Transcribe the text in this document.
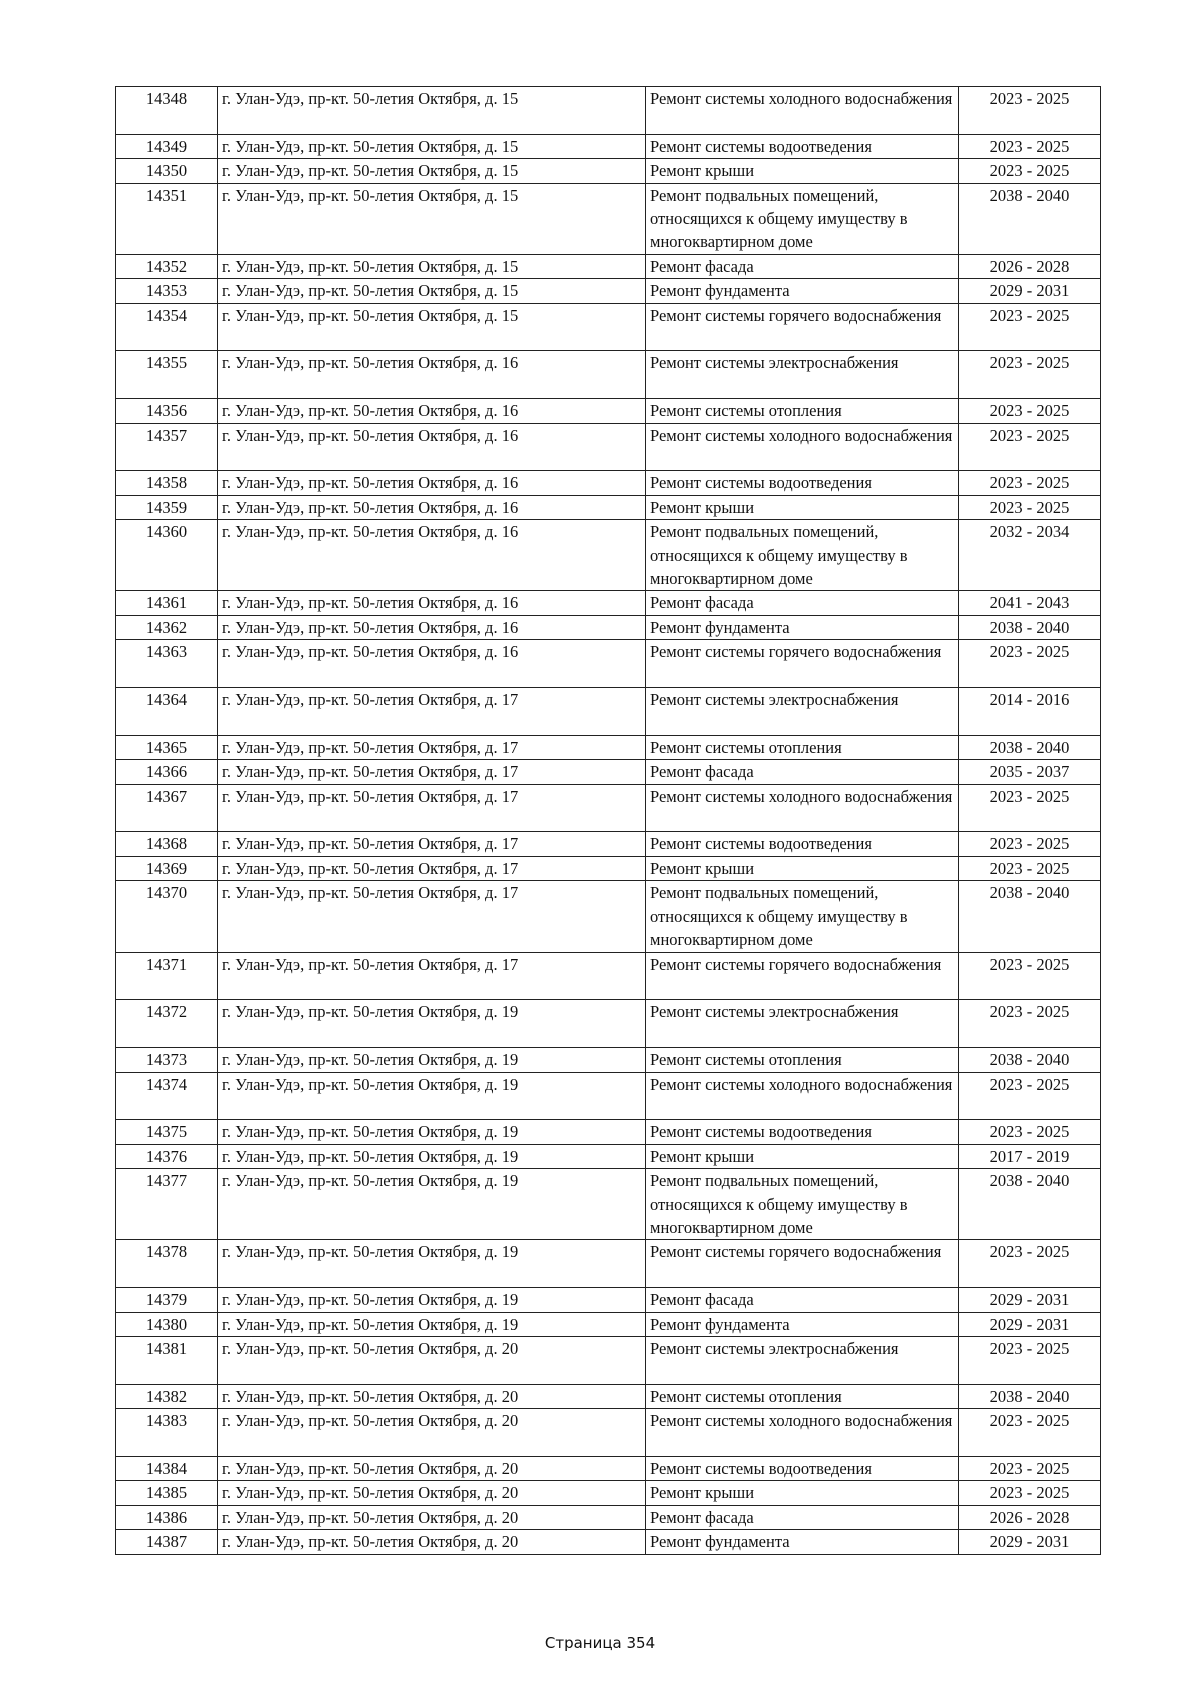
14348	г. Улан-Удэ, пр-кт. 50-летия Октября, д. 15	Ремонт системы холодного водоснабжения	2023 - 2025
14349	г. Улан-Удэ, пр-кт. 50-летия Октября, д. 15	Ремонт системы водоотведения	2023 - 2025
14350	г. Улан-Удэ, пр-кт. 50-летия Октября, д. 15	Ремонт крыши	2023 - 2025
14351	г. Улан-Удэ, пр-кт. 50-летия Октября, д. 15	Ремонт подвальных помещений, относящихся к общему имуществу в многоквартирном доме	2038 - 2040
14352	г. Улан-Удэ, пр-кт. 50-летия Октября, д. 15	Ремонт фасада	2026 - 2028
14353	г. Улан-Удэ, пр-кт. 50-летия Октября, д. 15	Ремонт фундамента	2029 - 2031
14354	г. Улан-Удэ, пр-кт. 50-летия Октября, д. 15	Ремонт системы горячего водоснабжения	2023 - 2025
14355	г. Улан-Удэ, пр-кт. 50-летия Октября, д. 16	Ремонт системы электроснабжения	2023 - 2025
14356	г. Улан-Удэ, пр-кт. 50-летия Октября, д. 16	Ремонт системы отопления	2023 - 2025
14357	г. Улан-Удэ, пр-кт. 50-летия Октября, д. 16	Ремонт системы холодного водоснабжения	2023 - 2025
14358	г. Улан-Удэ, пр-кт. 50-летия Октября, д. 16	Ремонт системы водоотведения	2023 - 2025
14359	г. Улан-Удэ, пр-кт. 50-летия Октября, д. 16	Ремонт крыши	2023 - 2025
14360	г. Улан-Удэ, пр-кт. 50-летия Октября, д. 16	Ремонт подвальных помещений, относящихся к общему имуществу в многоквартирном доме	2032 - 2034
14361	г. Улан-Удэ, пр-кт. 50-летия Октября, д. 16	Ремонт фасада	2041 - 2043
14362	г. Улан-Удэ, пр-кт. 50-летия Октября, д. 16	Ремонт фундамента	2038 - 2040
14363	г. Улан-Удэ, пр-кт. 50-летия Октября, д. 16	Ремонт системы горячего водоснабжения	2023 - 2025
14364	г. Улан-Удэ, пр-кт. 50-летия Октября, д. 17	Ремонт системы электроснабжения	2014 - 2016
14365	г. Улан-Удэ, пр-кт. 50-летия Октября, д. 17	Ремонт системы отопления	2038 - 2040
14366	г. Улан-Удэ, пр-кт. 50-летия Октября, д. 17	Ремонт фасада	2035 - 2037
14367	г. Улан-Удэ, пр-кт. 50-летия Октября, д. 17	Ремонт системы холодного водоснабжения	2023 - 2025
14368	г. Улан-Удэ, пр-кт. 50-летия Октября, д. 17	Ремонт системы водоотведения	2023 - 2025
14369	г. Улан-Удэ, пр-кт. 50-летия Октября, д. 17	Ремонт крыши	2023 - 2025
14370	г. Улан-Удэ, пр-кт. 50-летия Октября, д. 17	Ремонт подвальных помещений, относящихся к общему имуществу в многоквартирном доме	2038 - 2040
14371	г. Улан-Удэ, пр-кт. 50-летия Октября, д. 17	Ремонт системы горячего водоснабжения	2023 - 2025
14372	г. Улан-Удэ, пр-кт. 50-летия Октября, д. 19	Ремонт системы электроснабжения	2023 - 2025
14373	г. Улан-Удэ, пр-кт. 50-летия Октября, д. 19	Ремонт системы отопления	2038 - 2040
14374	г. Улан-Удэ, пр-кт. 50-летия Октября, д. 19	Ремонт системы холодного водоснабжения	2023 - 2025
14375	г. Улан-Удэ, пр-кт. 50-летия Октября, д. 19	Ремонт системы водоотведения	2023 - 2025
14376	г. Улан-Удэ, пр-кт. 50-летия Октября, д. 19	Ремонт крыши	2017 - 2019
14377	г. Улан-Удэ, пр-кт. 50-летия Октября, д. 19	Ремонт подвальных помещений, относящихся к общему имуществу в многоквартирном доме	2038 - 2040
14378	г. Улан-Удэ, пр-кт. 50-летия Октября, д. 19	Ремонт системы горячего водоснабжения	2023 - 2025
14379	г. Улан-Удэ, пр-кт. 50-летия Октября, д. 19	Ремонт фасада	2029 - 2031
14380	г. Улан-Удэ, пр-кт. 50-летия Октября, д. 19	Ремонт фундамента	2029 - 2031
14381	г. Улан-Удэ, пр-кт. 50-летия Октября, д. 20	Ремонт системы электроснабжения	2023 - 2025
14382	г. Улан-Удэ, пр-кт. 50-летия Октября, д. 20	Ремонт системы отопления	2038 - 2040
14383	г. Улан-Удэ, пр-кт. 50-летия Октября, д. 20	Ремонт системы холодного водоснабжения	2023 - 2025
14384	г. Улан-Удэ, пр-кт. 50-летия Октября, д. 20	Ремонт системы водоотведения	2023 - 2025
14385	г. Улан-Удэ, пр-кт. 50-летия Октября, д. 20	Ремонт крыши	2023 - 2025
14386	г. Улан-Удэ, пр-кт. 50-летия Октября, д. 20	Ремонт фасада	2026 - 2028
14387	г. Улан-Удэ, пр-кт. 50-летия Октября, д. 20	Ремонт фундамента	2029 - 2031
Страница 354
